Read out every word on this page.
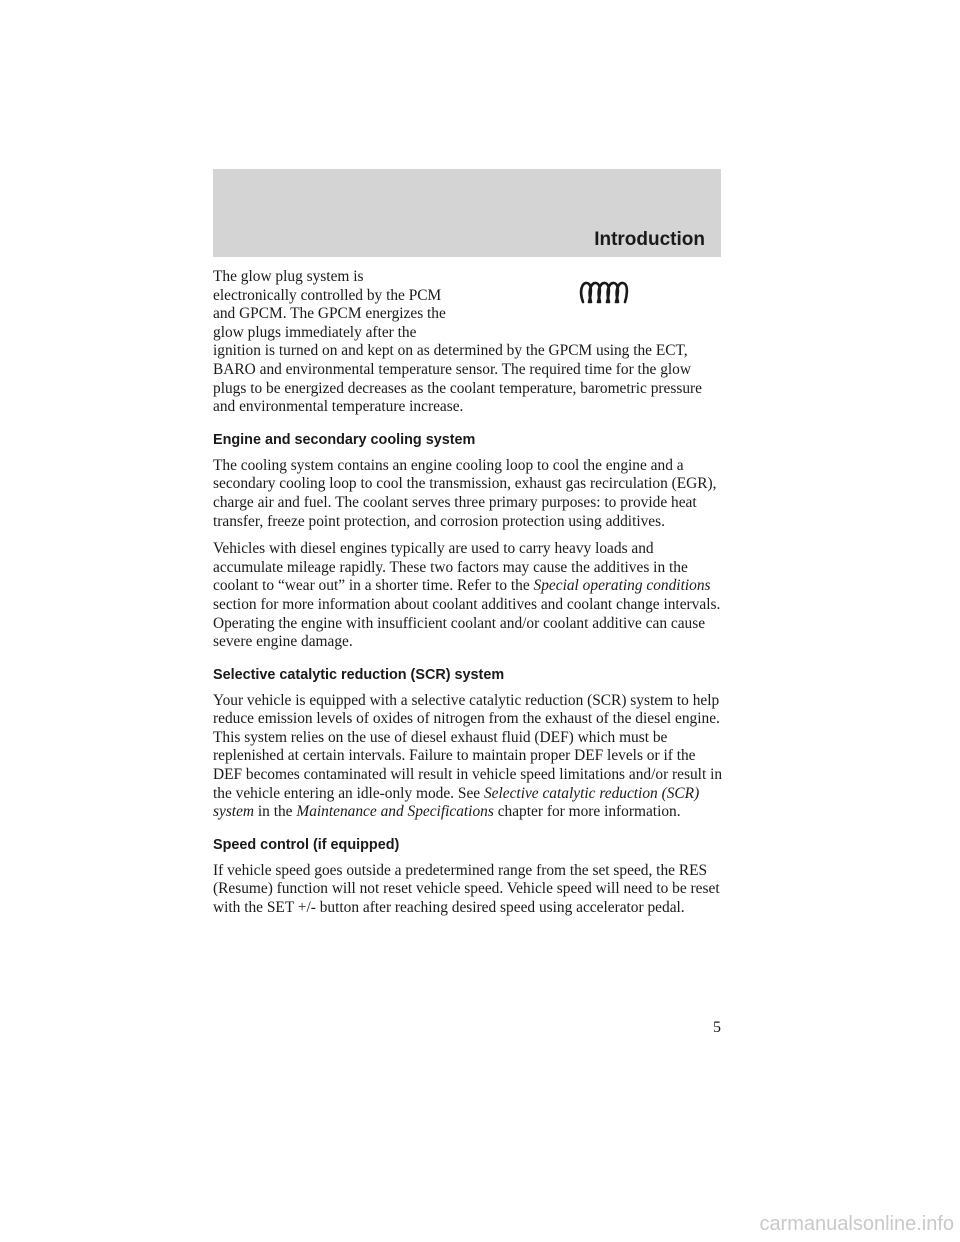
Introduction

The glow plug system is
electronically controlled by the PCM
and GPCM. The GPCM energizes the
glow plugs immediately after the
ignition is turned on and kept on as determined by the GPCM using the ECT, BARO and environmental temperature sensor. The required time for the glow plugs to be energized decreases as the coolant temperature, barometric pressure and environmental temperature increase.

Engine and secondary cooling system

The cooling system contains an engine cooling loop to cool the engine and a secondary cooling loop to cool the transmission, exhaust gas recirculation (EGR), charge air and fuel. The coolant serves three primary purposes: to provide heat transfer, freeze point protection, and corrosion protection using additives.

Vehicles with diesel engines typically are used to carry heavy loads and accumulate mileage rapidly. These two factors may cause the additives in the coolant to “wear out” in a shorter time. Refer to the Special operating conditions section for more information about coolant additives and coolant change intervals. Operating the engine with insufficient coolant and/or coolant additive can cause severe engine damage.

Selective catalytic reduction (SCR) system

Your vehicle is equipped with a selective catalytic reduction (SCR) system to help reduce emission levels of oxides of nitrogen from the exhaust of the diesel engine. This system relies on the use of diesel exhaust fluid (DEF) which must be replenished at certain intervals. Failure to maintain proper DEF levels or if the DEF becomes contaminated will result in vehicle speed limitations and/or result in the vehicle entering an idle-only mode. See Selective catalytic reduction (SCR) system in the Maintenance and Specifications chapter for more information.

Speed control (if equipped)

If vehicle speed goes outside a predetermined range from the set speed, the RES (Resume) function will not reset vehicle speed. Vehicle speed will need to be reset with the SET +/- button after reaching desired speed using accelerator pedal.

5
carmanualsonline.info
